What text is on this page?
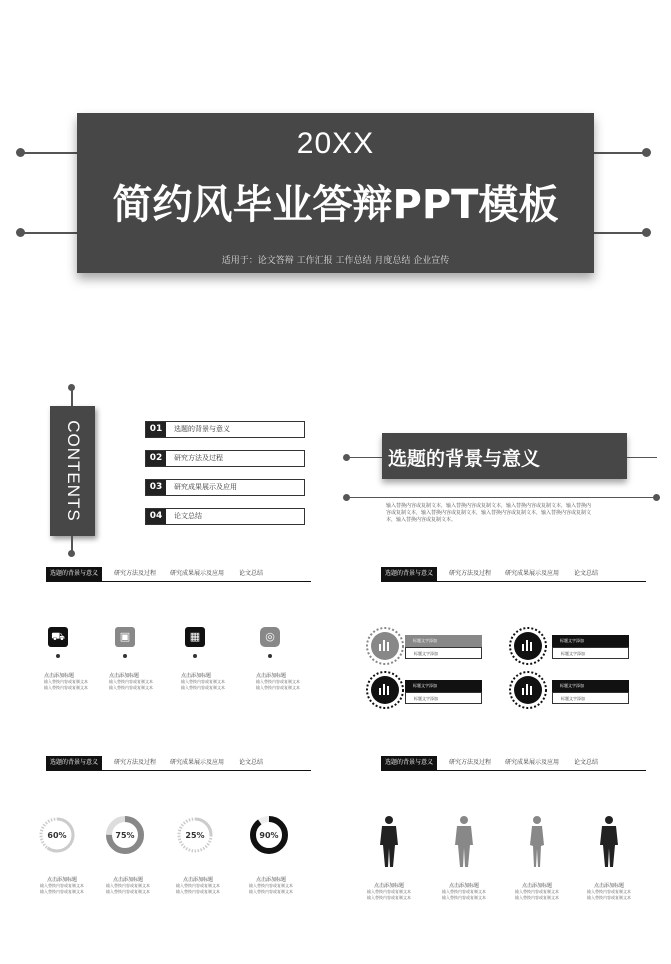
20XX
简约风毕业答辩PPT模板
适用于：论文答辩 工作汇报 工作总结 月度总结 企业宣传
CONTENTS	01	选题的背景与意义
02	研究方法及过程
03	研究成果展示及应用
04	论文总结
选题的背景与意义
输入替换内容或复制文本，输入替换内容或复制文本，输入替换内容或复制文本，输入替换内容或复制文本，输入替换内容或复制文本，输入替换内容或复制文本，输入替换内容或复制文本，输入替换内容或复制文本。
选题的背景与意义	研究方法及过程 研究成果展示及应用 论文总结
⛟	▣	▦	◎
点击添加标题
输入替换内容或复制文本
输入替换内容或复制文本
点击添加标题
输入替换内容或复制文本
输入替换内容或复制文本
点击添加标题
输入替换内容或复制文本
输入替换内容或复制文本
点击添加标题
输入替换内容或复制文本
输入替换内容或复制文本
选题的背景与意义	研究方法及过程 研究成果展示及应用 论文总结
标题文字添加
标题文字添加
标题文字添加
标题文字添加
标题文字添加
标题文字添加
标题文字添加
标题文字添加
选题的背景与意义	研究方法及过程 研究成果展示及应用 论文总结
60%	75%	25%	90%
点击添加标题
输入替换内容或复制文本
输入替换内容或复制文本
点击添加标题
输入替换内容或复制文本
输入替换内容或复制文本
点击添加标题
输入替换内容或复制文本
输入替换内容或复制文本
点击添加标题
输入替换内容或复制文本
输入替换内容或复制文本
选题的背景与意义	研究方法及过程 研究成果展示及应用 论文总结
点击添加标题
输入替换内容或复制文本
输入替换内容或复制文本
点击添加标题
输入替换内容或复制文本
输入替换内容或复制文本
点击添加标题
输入替换内容或复制文本
输入替换内容或复制文本
点击添加标题
输入替换内容或复制文本
输入替换内容或复制文本
